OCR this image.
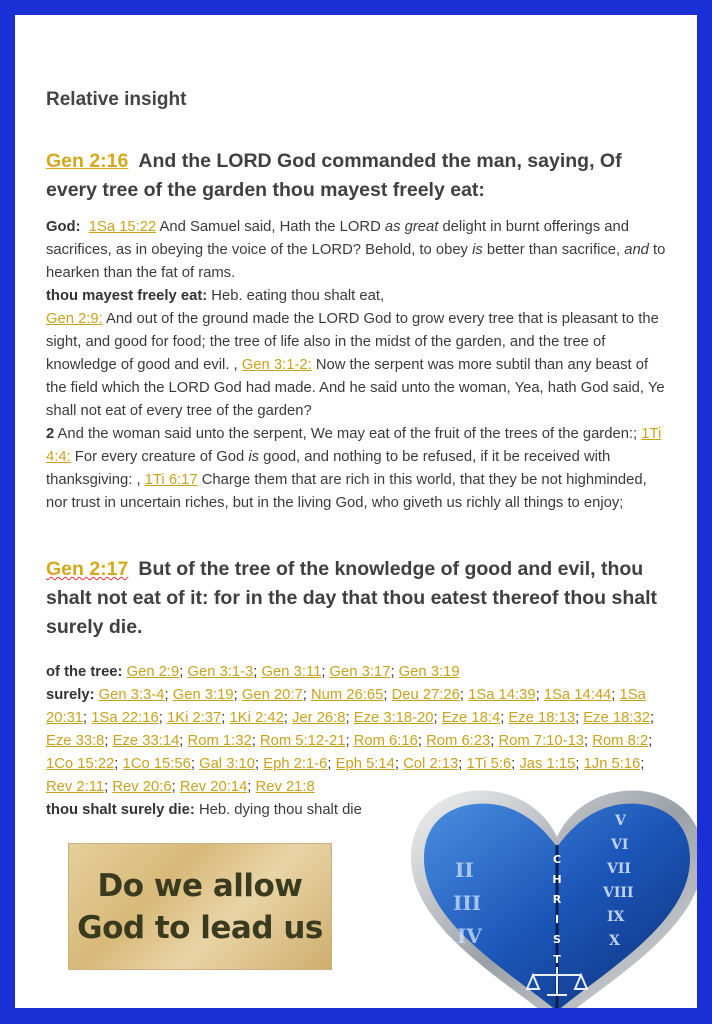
Relative insight
Gen 2:16 And the LORD God commanded the man, saying, Of every tree of the garden thou mayest freely eat:
God: 1Sa 15:22 And Samuel said, Hath the LORD as great delight in burnt offerings and sacrifices, as in obeying the voice of the LORD? Behold, to obey is better than sacrifice, and to hearken than the fat of rams.
thou mayest freely eat: Heb. eating thou shalt eat,
Gen 2:9: And out of the ground made the LORD God to grow every tree that is pleasant to the sight, and good for food; the tree of life also in the midst of the garden, and the tree of knowledge of good and evil. , Gen 3:1-2: Now the serpent was more subtil than any beast of the field which the LORD God had made. And he said unto the woman, Yea, hath God said, Ye shall not eat of every tree of the garden?
2 And the woman said unto the serpent, We may eat of the fruit of the trees of the garden:; 1Ti 4:4: For every creature of God is good, and nothing to be refused, if it be received with thanksgiving: , 1Ti 6:17 Charge them that are rich in this world, that they be not highminded, nor trust in uncertain riches, but in the living God, who giveth us richly all things to enjoy;
Gen 2:17 But of the tree of the knowledge of good and evil, thou shalt not eat of it: for in the day that thou eatest thereof thou shalt surely die.
of the tree: Gen 2:9; Gen 3:1-3; Gen 3:11; Gen 3:17; Gen 3:19
surely: Gen 3:3-4; Gen 3:19; Gen 20:7; Num 26:65; Deu 27:26; 1Sa 14:39; 1Sa 14:44; 1Sa 20:31; 1Sa 22:16; 1Ki 2:37; 1Ki 2:42; Jer 26:8; Eze 3:18-20; Eze 18:4; Eze 18:13; Eze 18:32; Eze 33:8; Eze 33:14; Rom 1:32; Rom 5:12-21; Rom 6:16; Rom 6:23; Rom 7:10-13; Rom 8:2; 1Co 15:22; 1Co 15:56; Gal 3:10; Eph 2:1-6; Eph 5:14; Col 2:13; 1Ti 5:6; Jas 1:15; 1Jn 5:16; Rev 2:11; Rev 20:6; Rev 20:14; Rev 21:8
thou shalt surely die: Heb. dying thou shalt die
Do we allow
God to lead us
II
III
IV
V
VI
VII
VIII
IX
X
C
H
R
I
S
T
